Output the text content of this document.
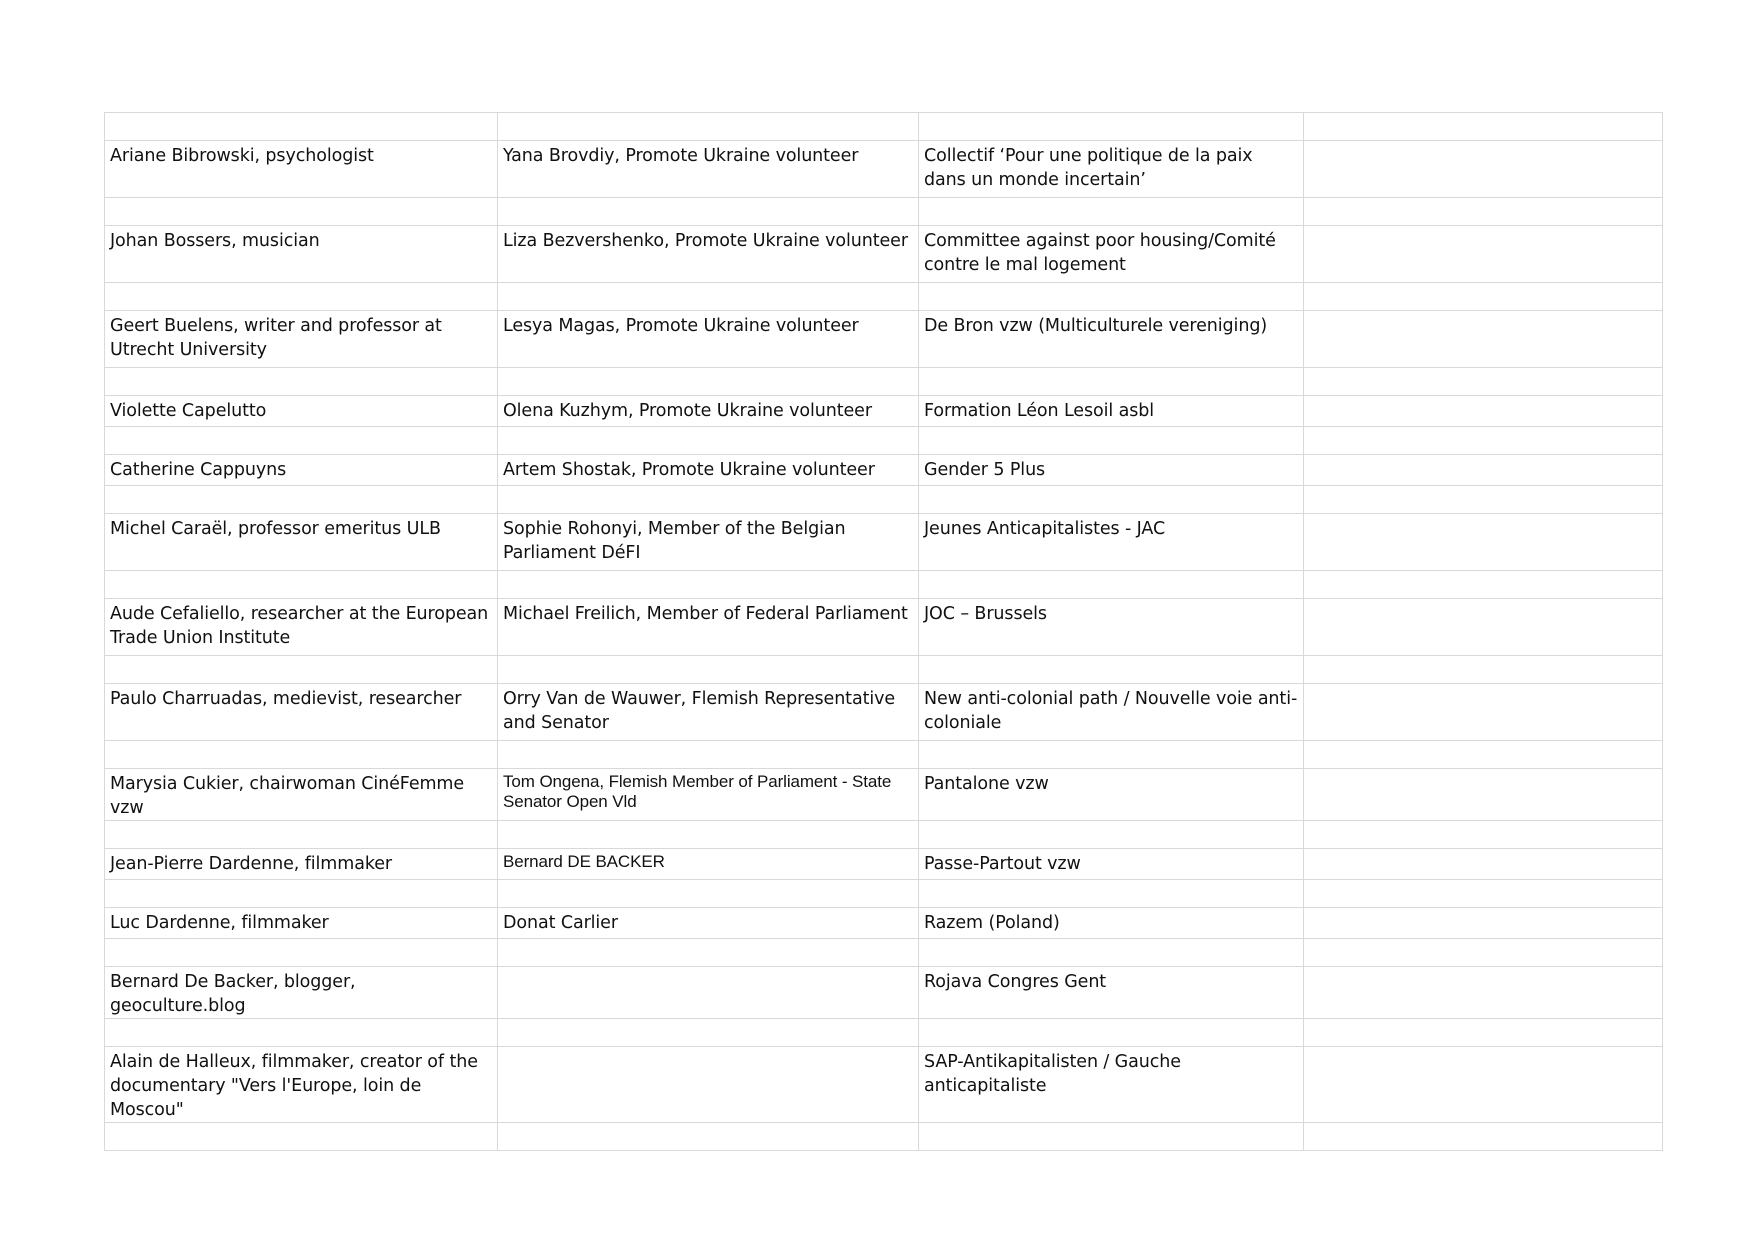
Ariane Bibrowski, psychologist	Yana Brovdiy, Promote Ukraine volunteer	Collectif ‘Pour une politique de la paix dans un monde incertain’	

Johan Bossers, musician	Liza Bezvershenko, Promote Ukraine volunteer	Committee against poor housing/Comité contre le mal logement	

Geert Buelens, writer and professor at Utrecht University	Lesya Magas, Promote Ukraine volunteer	De Bron vzw (Multiculturele vereniging)	

Violette Capelutto	Olena Kuzhym, Promote Ukraine volunteer	Formation Léon Lesoil asbl	

Catherine Cappuyns	Artem Shostak, Promote Ukraine volunteer	Gender 5 Plus	

Michel Caraël, professor emeritus ULB	Sophie Rohonyi, Member of the Belgian Parliament DéFI	Jeunes Anticapitalistes - JAC	

Aude Cefaliello, researcher at the European Trade Union Institute	Michael Freilich, Member of Federal Parliament	JOC – Brussels	

Paulo Charruadas, medievist, researcher	Orry Van de Wauwer, Flemish Representative and Senator	New anti-colonial path / Nouvelle voie anti-coloniale	

Marysia Cukier, chairwoman CinéFemme vzw	Tom Ongena, Flemish Member of Parliament - State Senator Open Vld	Pantalone vzw	

Jean-Pierre Dardenne, filmmaker	Bernard DE BACKER	Passe-Partout vzw	

Luc Dardenne, filmmaker	Donat Carlier	Razem (Poland)	

Bernard De Backer, blogger, geoculture.blog		Rojava Congres Gent	

Alain de Halleux, filmmaker, creator of the documentary "Vers l'Europe, loin de Moscou"		SAP-Antikapitalisten / Gauche anticapitaliste	
